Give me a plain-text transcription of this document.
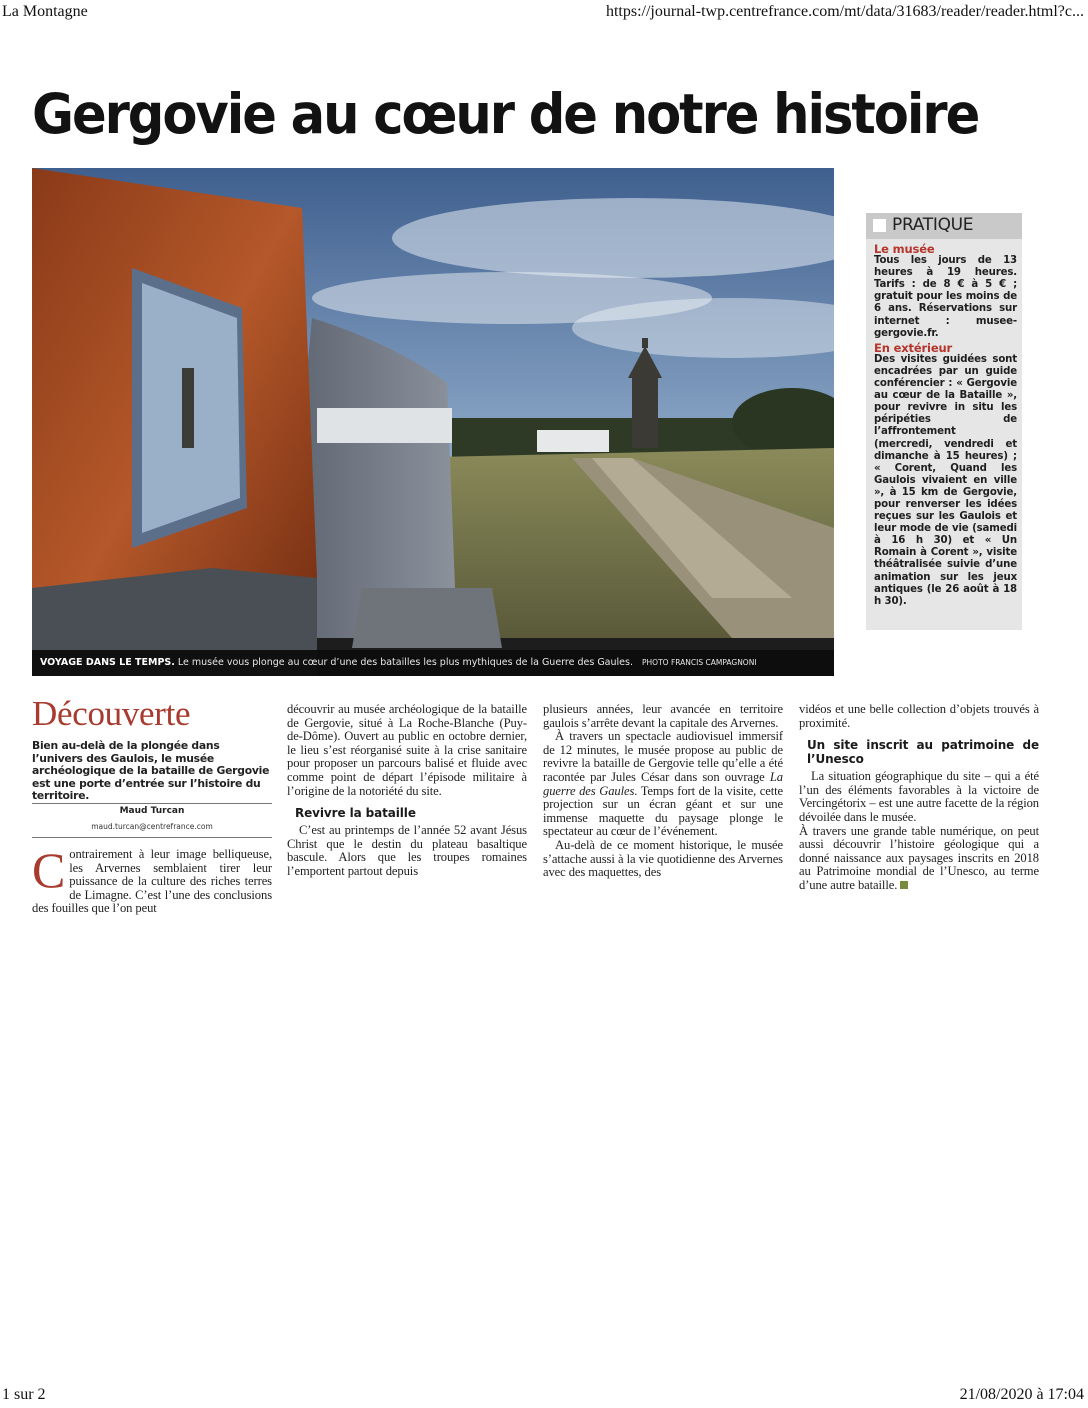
La Montagne	https://journal-twp.centrefrance.com/mt/data/31683/reader/reader.html?c...
Gergovie au cœur de notre histoire
VOYAGE DANS LE TEMPS. Le musée vous plonge au cœur d’une des batailles les plus mythiques de la Guerre des Gaules. PHOTO FRANCIS CAMPAGNONI
PRATIQUE
Le musée

Tous les jours de 13 heures à 19 heures. Tarifs : de 8 € à 5 € ; gratuit pour les moins de 6 ans. Réservations sur internet : musee-gergovie.fr.

En extérieur

Des visites guidées sont encadrées par un guide conférencier : « Gergovie au cœur de la Bataille », pour revivre in situ les péripéties de l’affrontement (mercredi, vendredi et dimanche à 15 heures) ; « Corent, Quand les Gaulois vivaient en ville », à 15 km de Gergovie, pour renverser les idées reçues sur les Gaulois et leur mode de vie (samedi à 16 h 30) et « Un Romain à Corent », visite théâtralisée suivie d’une animation sur les jeux antiques (le 26 août à 18 h 30).

Découverte
Bien au-delà de la plongée dans l’univers des Gaulois, le musée archéologique de la bataille de Gergovie est une porte d’entrée sur l’histoire du territoire.
Maud Turcan
maud.turcan@centrefrance.com

Contrairement à leur image belliqueuse, les Arvernes semblaient tirer leur puissance de la culture des riches terres de Limagne. C’est l’une des conclusions des fouilles que l’on peut

découvrir au musée archéologique de la bataille de Gergovie, situé à La Roche-Blanche (Puy-de-Dôme). Ouvert au public en octobre dernier, le lieu s’est réorganisé suite à la crise sanitaire pour proposer un parcours balisé et fluide avec comme point de départ l’épisode militaire à l’origine de la notoriété du site.

Revivre la bataille

C’est au printemps de l’année 52 avant Jésus Christ que le destin du plateau basaltique bascule. Alors que les troupes romaines l’emportent partout depuis

plusieurs années, leur avancée en territoire gaulois s’arrête devant la capitale des Arvernes.

À travers un spectacle audiovisuel immersif de 12 minutes, le musée propose au public de revivre la bataille de Gergovie telle qu’elle a été racontée par Jules César dans son ouvrage La guerre des Gaules. Temps fort de la visite, cette projection sur un écran géant et sur une immense maquette du paysage plonge le spectateur au cœur de l’événement.

Au-delà de ce moment historique, le musée s’attache aussi à la vie quotidienne des Arvernes avec des maquettes, des

vidéos et une belle collection d’objets trouvés à proximité.

Un site inscrit au patrimoine de l’Unesco

La situation géographique du site – qui a été l’un des éléments favorables à la victoire de Vercingétorix – est une autre facette de la région dévoilée dans le musée.

À travers une grande table numérique, on peut aussi découvrir l’histoire géologique qui a donné naissance aux paysages inscrits en 2018 au Patrimoine mondial de l’Unesco, au terme d’une autre bataille.

1 sur 2	21/08/2020 à 17:04
